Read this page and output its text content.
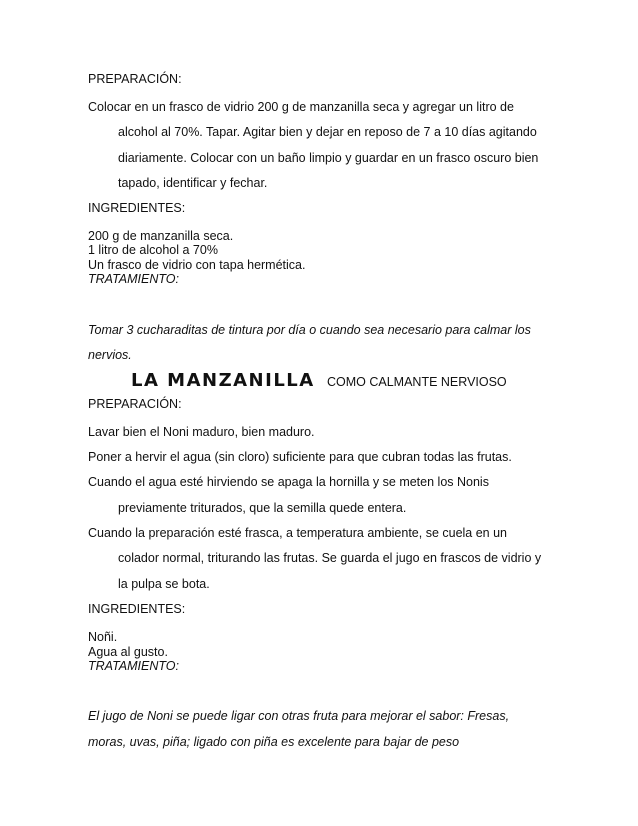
PREPARACIÓN:
Colocar en un frasco de vidrio 200 g de manzanilla seca y agregar un litro de
alcohol al 70%. Tapar. Agitar bien y dejar en reposo de 7 a 10 días agitando
diariamente. Colocar con un baño limpio y guardar en un frasco oscuro bien
tapado, identificar y fechar.
INGREDIENTES:
200 g de manzanilla seca.
1 litro de alcohol a 70%
Un frasco de vidrio con tapa hermética.
TRATAMIENTO:
Tomar 3 cucharaditas de tintura por día o cuando sea necesario para calmar los
nervios.
LA MANZANILLA COMO CALMANTE NERVIOSO
PREPARACIÓN:
Lavar bien el Noni maduro, bien maduro.
Poner a hervir el agua (sin cloro) suficiente para que cubran todas las frutas.
Cuando el agua esté hirviendo se apaga la hornilla y se meten los Nonis
previamente triturados, que la semilla quede entera.
Cuando la preparación esté frasca, a temperatura ambiente, se cuela en un
colador normal, triturando las frutas. Se guarda el jugo en frascos de vidrio y
la pulpa se bota.
INGREDIENTES:
Noñi.
Agua al gusto.
TRATAMIENTO:
El jugo de Noni se puede ligar con otras fruta para mejorar el sabor: Fresas,
moras, uvas, piña; ligado con piña es excelente para bajar de peso
